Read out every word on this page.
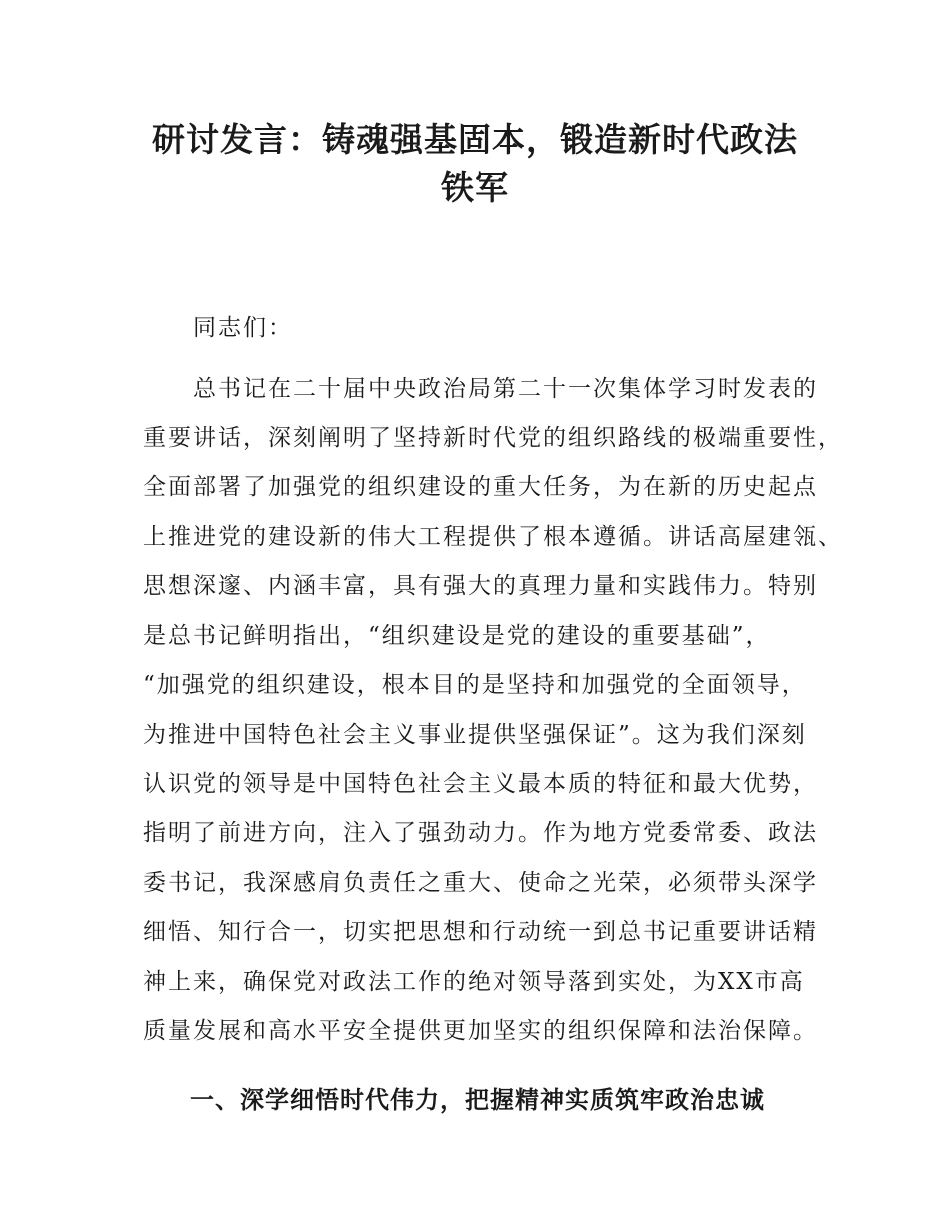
研讨发言：铸魂强基固本，锻造新时代政法
铁军
同志们：
总书记在二十届中央政治局第二十一次集体学习时发表的
重要讲话，深刻阐明了坚持新时代党的组织路线的极端重要性，
全面部署了加强党的组织建设的重大任务，为在新的历史起点
上推进党的建设新的伟大工程提供了根本遵循。讲话高屋建瓴、
思想深邃、内涵丰富，具有强大的真理力量和实践伟力。特别
是总书记鲜明指出，“组织建设是党的建设的重要基础”，
“加强党的组织建设，根本目的是坚持和加强党的全面领导，
为推进中国特色社会主义事业提供坚强保证”。这为我们深刻
认识党的领导是中国特色社会主义最本质的特征和最大优势，
指明了前进方向，注入了强劲动力。作为地方党委常委、政法
委书记，我深感肩负责任之重大、使命之光荣，必须带头深学
细悟、知行合一，切实把思想和行动统一到总书记重要讲话精
神上来，确保党对政法工作的绝对领导落到实处，为XX市高
质量发展和高水平安全提供更加坚实的组织保障和法治保障。
一、深学细悟时代伟力，把握精神实质筑牢政治忠诚
